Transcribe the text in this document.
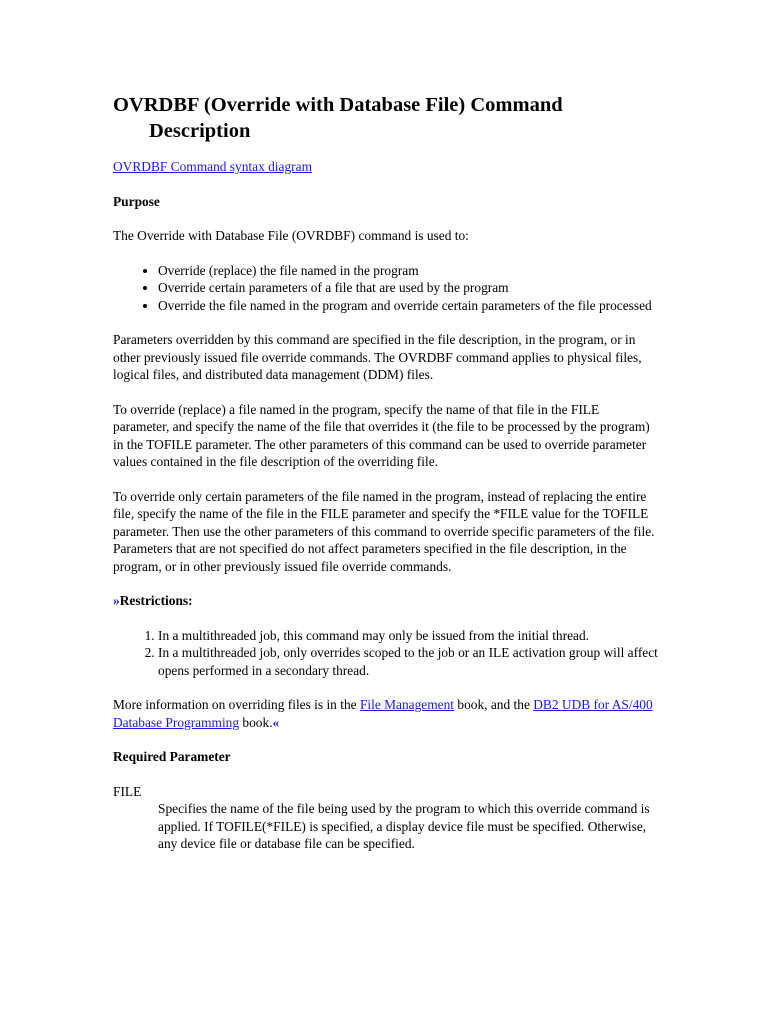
OVRDBF (Override with Database File) Command Description
OVRDBF Command syntax diagram
Purpose

The Override with Database File (OVRDBF) command is used to:

• Override (replace) the file named in the program
• Override certain parameters of a file that are used by the program
• Override the file named in the program and override certain parameters of the file processed

Parameters overridden by this command are specified in the file description, in the program, or in other previously issued file override commands. The OVRDBF command applies to physical files, logical files, and distributed data management (DDM) files.

To override (replace) a file named in the program, specify the name of that file in the FILE parameter, and specify the name of the file that overrides it (the file to be processed by the program) in the TOFILE parameter. The other parameters of this command can be used to override parameter values contained in the file description of the overriding file.

To override only certain parameters of the file named in the program, instead of replacing the entire file, specify the name of the file in the FILE parameter and specify the *FILE value for the TOFILE parameter. Then use the other parameters of this command to override specific parameters of the file. Parameters that are not specified do not affect parameters specified in the file description, in the program, or in other previously issued file override commands.

»Restrictions:
1. In a multithreaded job, this command may only be issued from the initial thread.
2. In a multithreaded job, only overrides scoped to the job or an ILE activation group will affect opens performed in a secondary thread.

More information on overriding files is in the File Management book, and the DB2 UDB for AS/400 Database Programming book.«

Required Parameter
FILE
Specifies the name of the file being used by the program to which this override command is applied. If TOFILE(*FILE) is specified, a display device file must be specified. Otherwise, any device file or database file can be specified.
